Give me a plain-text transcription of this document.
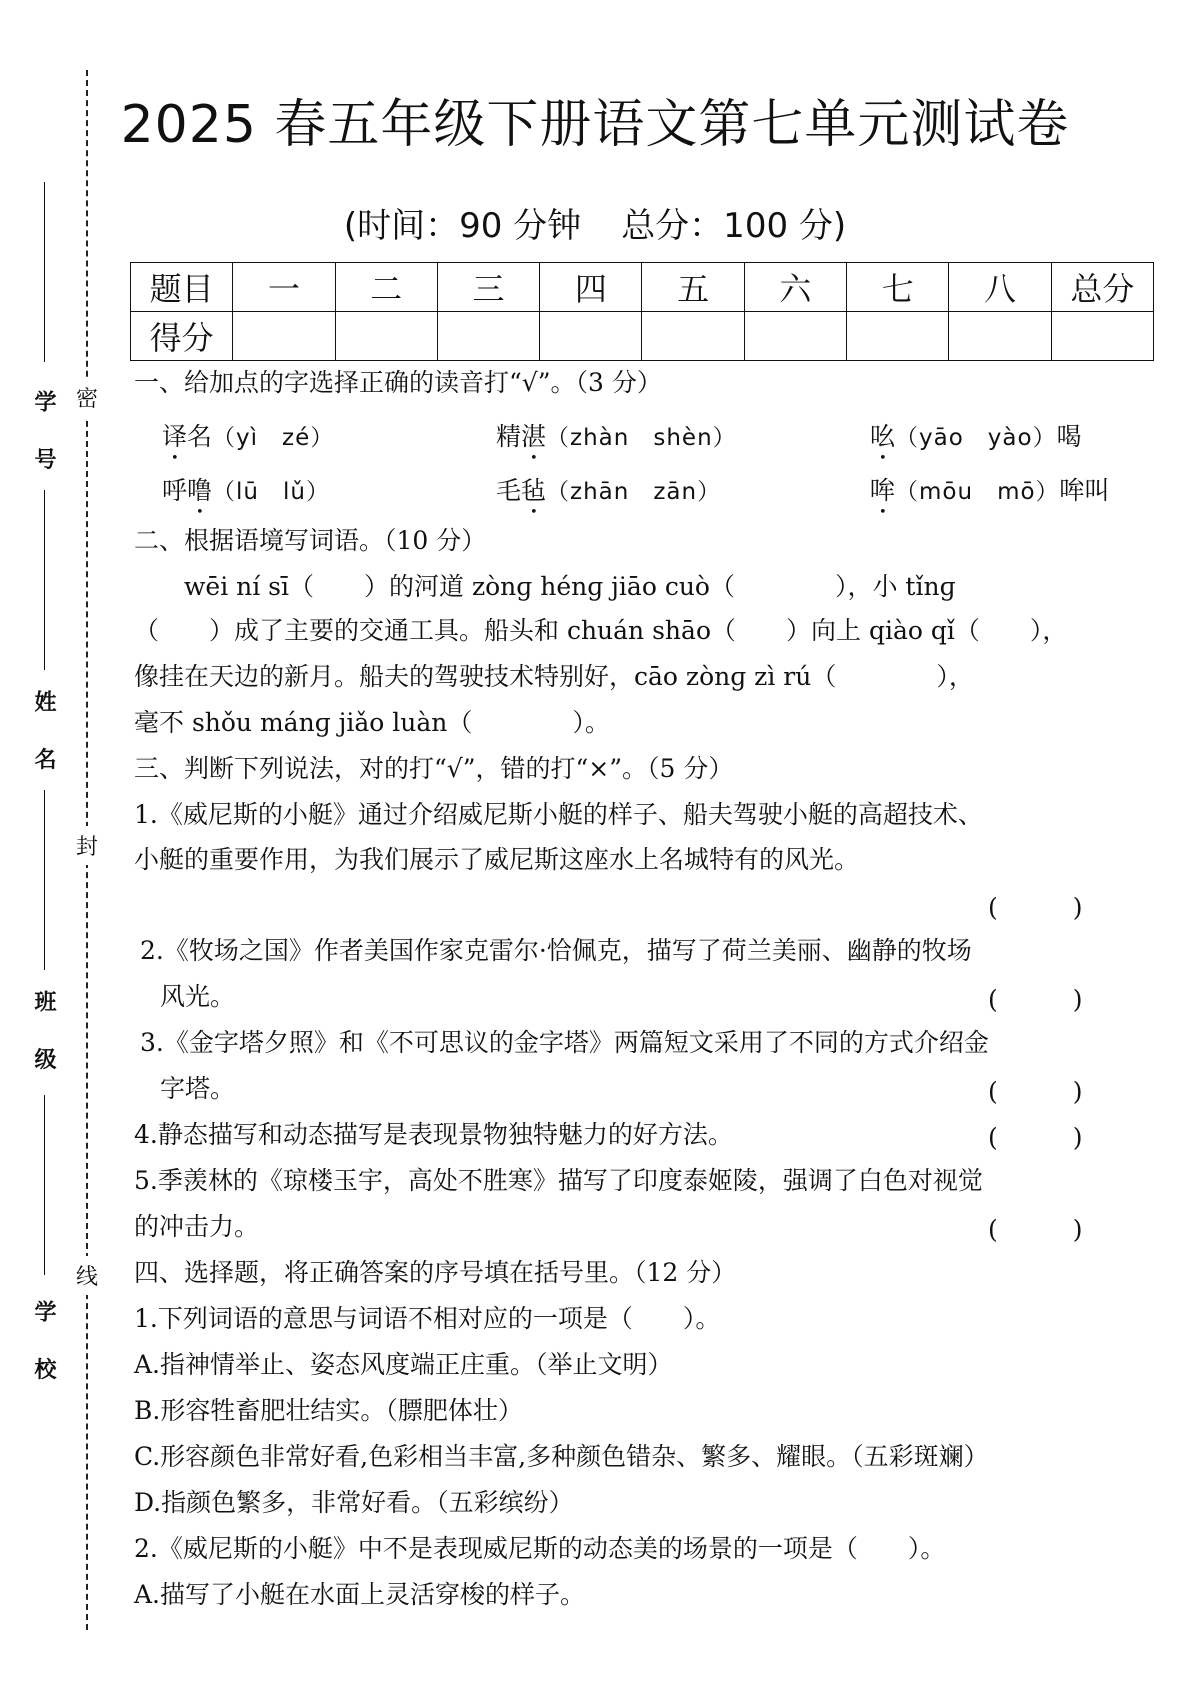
学 号
姓 名
班 级
学 校
密
封
线
2025 春五年级下册语文第七单元测试卷
(时间：90 分钟 总分：100 分)
题目	一	二	三	四	五	六	七	八	总分
得分									
一、给加点的字选择正确的读音打“√”。（3 分）
译名（yì　zé）	精湛（zhàn　shèn）	吆（yāo　yào）喝
呼噜（lū　lǔ）	毛毡（zhān　zān）	哞（mōu　mō）哞叫
二、根据语境写词语。（10 分）
　　wēi ní sī（　　）的河道 zònɡ hénɡ jiāo cuò（　　　　），小 tǐnɡ
（　　）成了主要的交通工具。船头和 chuán shāo（　　）向上 qiào qǐ（　　），
像挂在天边的新月。船夫的驾驶技术特别好，cāo zònɡ zì rú（　　　　），
毫不 shǒu mánɡ jiǎo luàn（　　　　）。
三、判断下列说法，对的打“√”，错的打“×”。（5 分）
1.《威尼斯的小艇》通过介绍威尼斯小艇的样子、船夫驾驶小艇的高超技术、
小艇的重要作用，为我们展示了威尼斯这座水上名城特有的风光。
(　　　)
2.《牧场之国》作者美国作家克雷尔·恰佩克，描写了荷兰美丽、幽静的牧场
风光。	(　　　)
3.《金字塔夕照》和《不可思议的金字塔》两篇短文采用了不同的方式介绍金
字塔。	(　　　)
4.静态描写和动态描写是表现景物独特魅力的好方法。	(　　　)
5.季羡林的《琼楼玉宇，高处不胜寒》描写了印度泰姬陵，强调了白色对视觉
的冲击力。	(　　　)
四、选择题，将正确答案的序号填在括号里。（12 分）
1.下列词语的意思与词语不相对应的一项是（　　）。
A.指神情举止、姿态风度端正庄重。（举止文明）
B.形容牲畜肥壮结实。（膘肥体壮）
C.形容颜色非常好看,色彩相当丰富,多种颜色错杂、繁多、耀眼。（五彩斑斓）
D.指颜色繁多，非常好看。（五彩缤纷）
2.《威尼斯的小艇》中不是表现威尼斯的动态美的场景的一项是（　　）。
A.描写了小艇在水面上灵活穿梭的样子。
